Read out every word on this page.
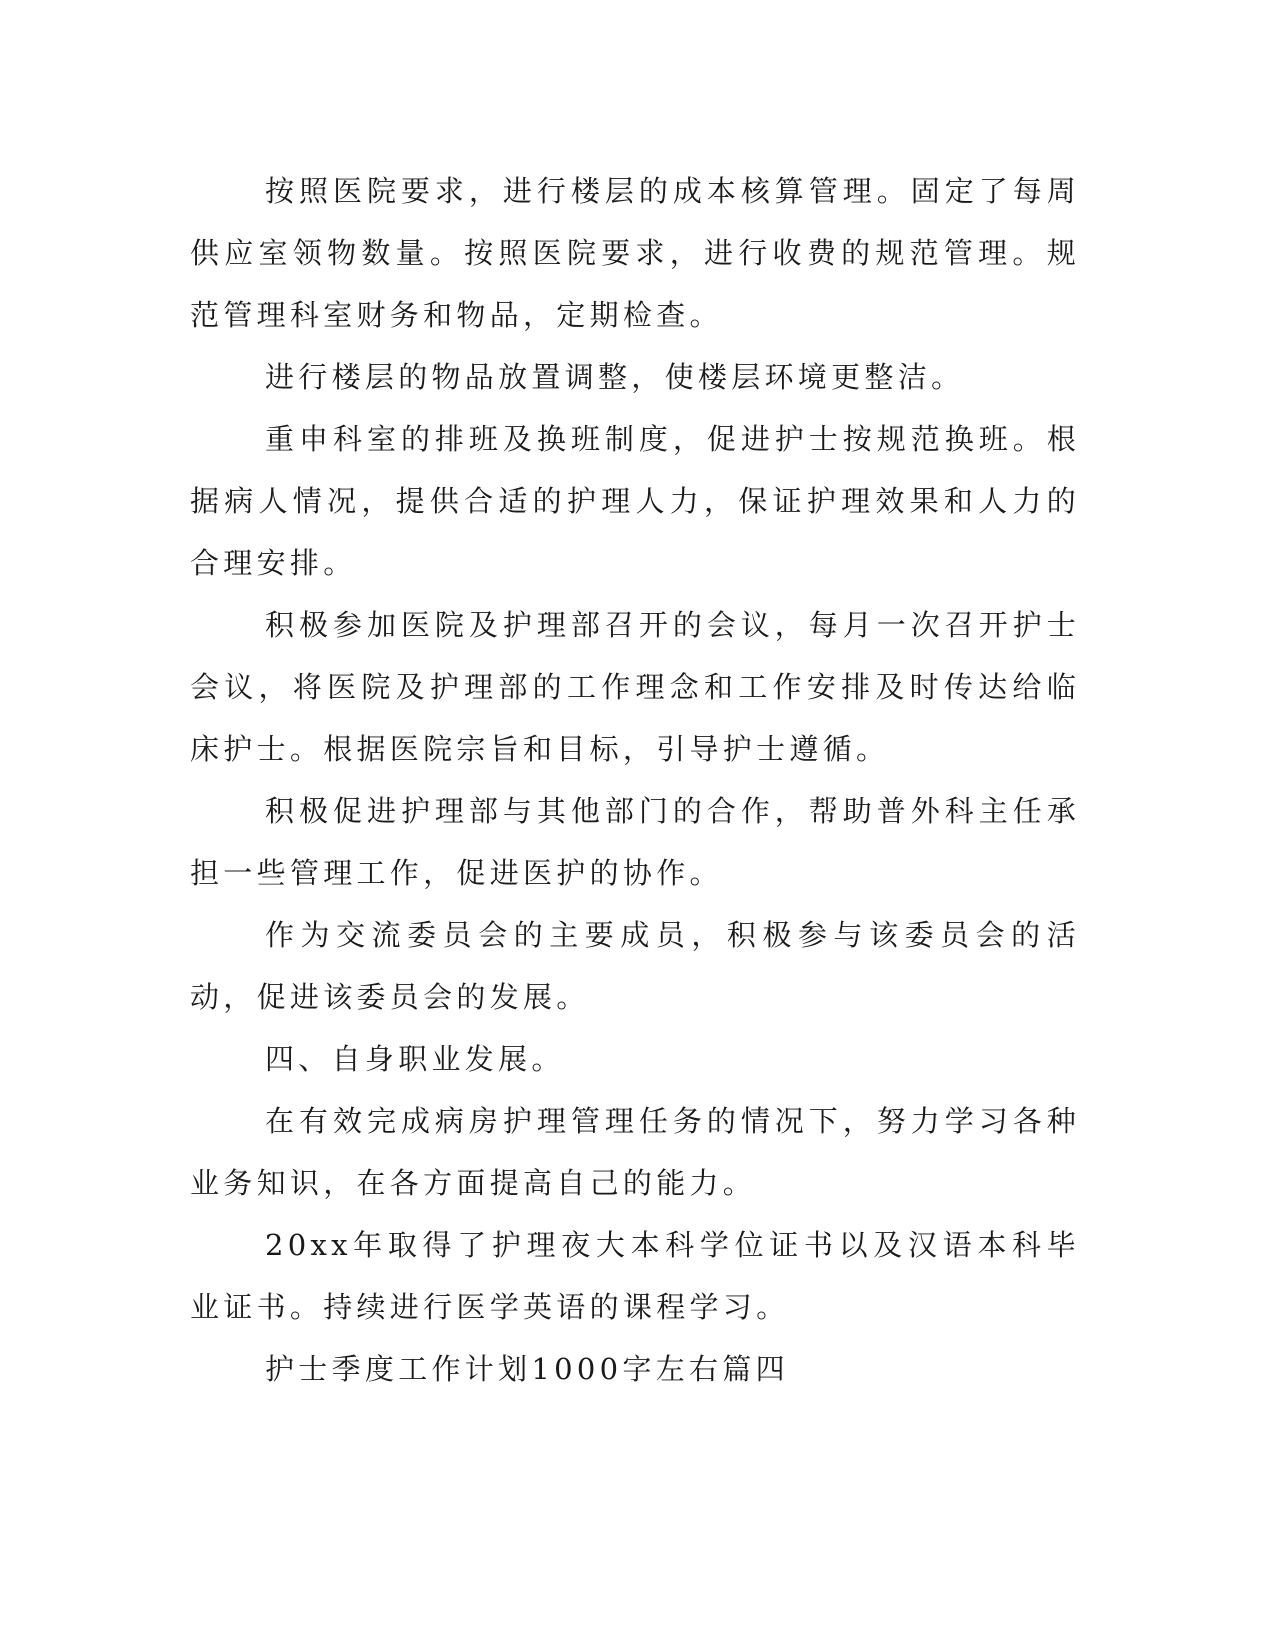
按照医院要求，进行楼层的成本核算管理。固定了每周供应室领物数量。按照医院要求，进行收费的规范管理。规范管理科室财务和物品，定期检查。

进行楼层的物品放置调整，使楼层环境更整洁。

重申科室的排班及换班制度，促进护士按规范换班。根据病人情况，提供合适的护理人力，保证护理效果和人力的合理安排。

积极参加医院及护理部召开的会议，每月一次召开护士会议，将医院及护理部的工作理念和工作安排及时传达给临床护士。根据医院宗旨和目标，引导护士遵循。

积极促进护理部与其他部门的合作，帮助普外科主任承担一些管理工作，促进医护的协作。

作为交流委员会的主要成员，积极参与该委员会的活动，促进该委员会的发展。

四、自身职业发展。

在有效完成病房护理管理任务的情况下，努力学习各种业务知识，在各方面提高自己的能力。

20xx年取得了护理夜大本科学位证书以及汉语本科毕业证书。持续进行医学英语的课程学习。

护士季度工作计划1000字左右篇四
